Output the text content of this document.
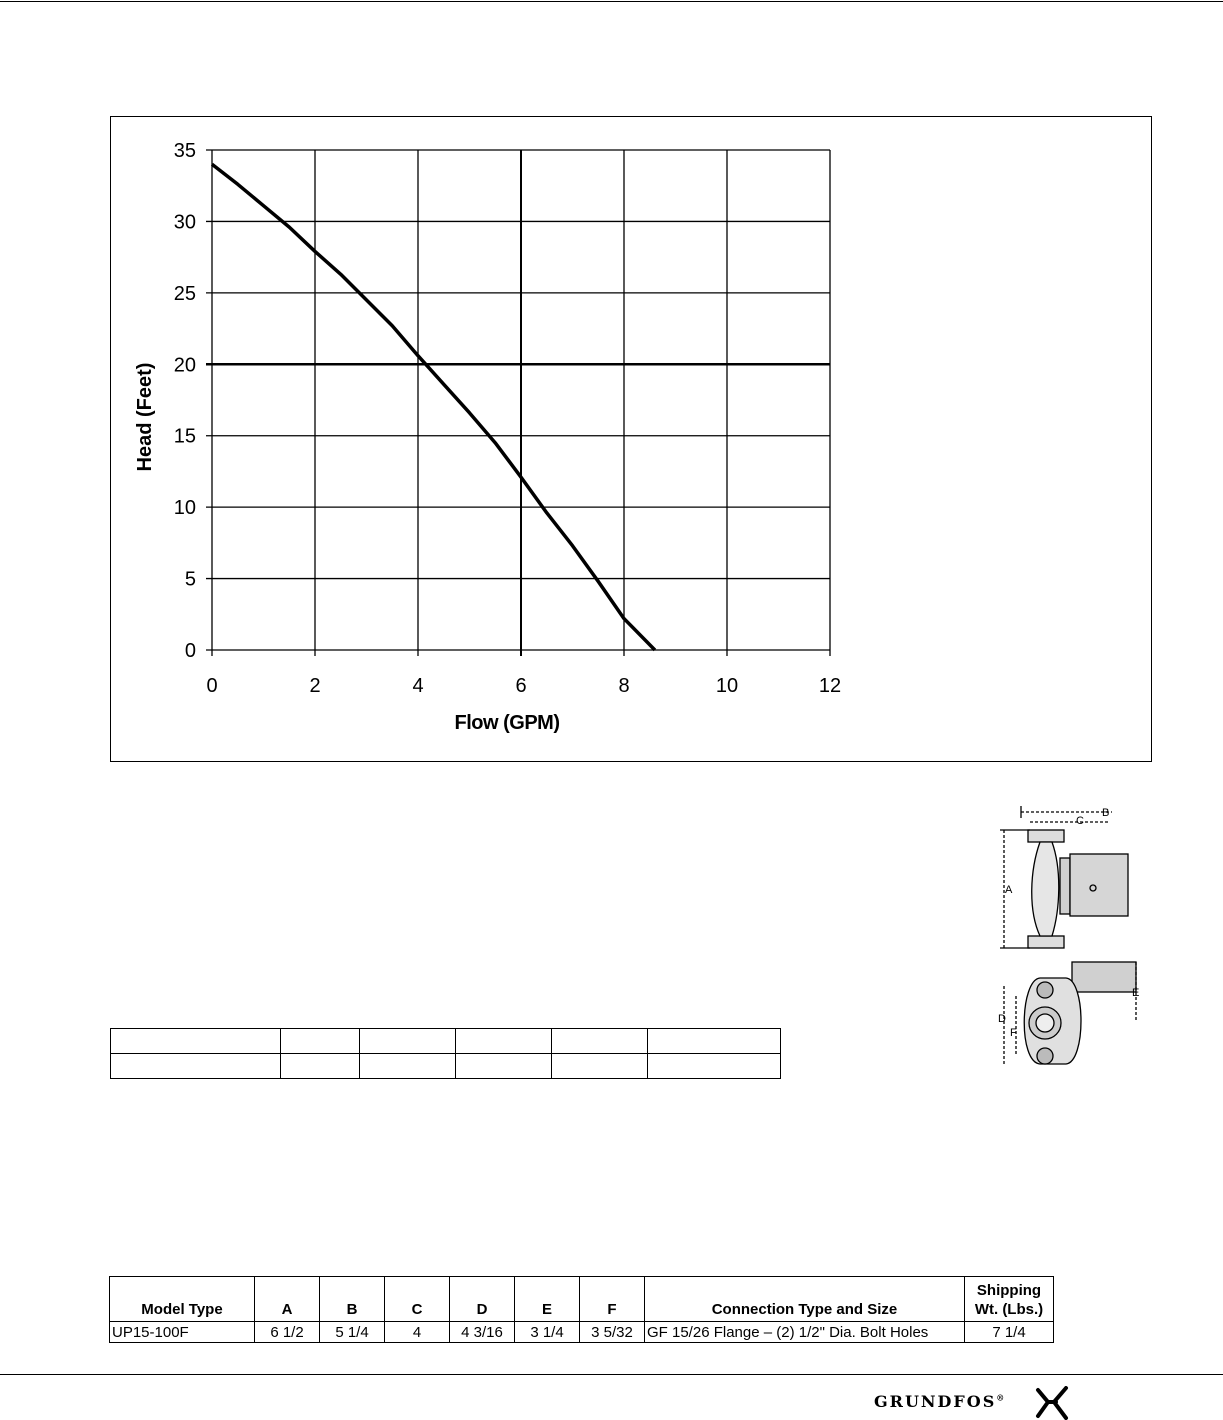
0
5
10
15
20
25
30
35
0	2	4	6	8	10	12
Flow (GPM)
Head (Feet)

B
C
A
D
E
F
Model Type	A	B	C	D	E	F	Connection Type and Size	Shipping
Wt. (Lbs.)
UP15-100F	6 1/2	5 1/4	4	4 3/16	3 1/4	3 5/32	GF 15/26 Flange – (2) 1/2" Dia. Bolt Holes	7 1/4
GRUNDFOS®
